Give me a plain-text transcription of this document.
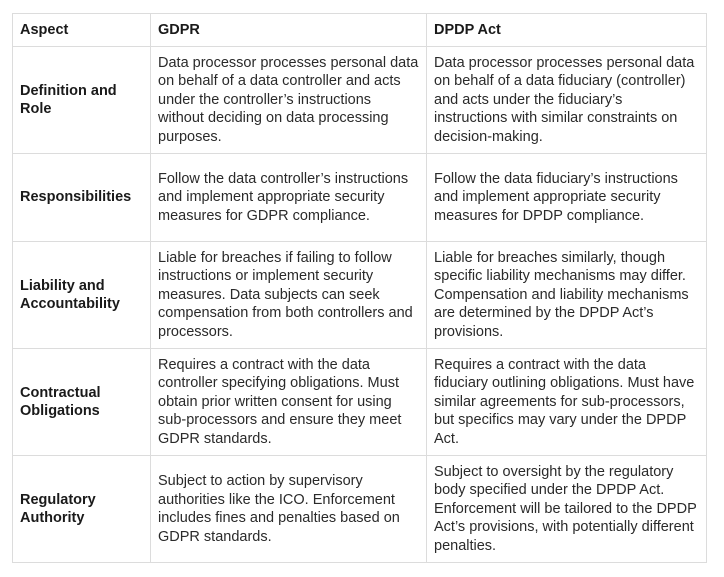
Aspect	GDPR	DPDP Act
Definition and Role	Data processor processes personal data on behalf of a data controller and acts under the controller’s instructions without deciding on data processing purposes.	Data processor processes personal data on behalf of a data fiduciary (controller) and acts under the fiduciary’s instructions with similar constraints on decision-making.
Responsibilities	Follow the data controller’s instructions and implement appropriate security measures for GDPR compliance.	Follow the data fiduciary’s instructions and implement appropriate security measures for DPDP compliance.
Liability and Accountability	Liable for breaches if failing to follow instructions or implement security measures. Data subjects can seek compensation from both controllers and processors.	Liable for breaches similarly, though specific liability mechanisms may differ. Compensation and liability mechanisms are determined by the DPDP Act’s provisions.
Contractual Obligations	Requires a contract with the data controller specifying obligations. Must obtain prior written consent for using sub-processors and ensure they meet GDPR standards.	Requires a contract with the data fiduciary outlining obligations. Must have similar agreements for sub-processors, but specifics may vary under the DPDP Act.
Regulatory Authority	Subject to action by supervisory authorities like the ICO. Enforcement includes fines and penalties based on GDPR standards.	Subject to oversight by the regulatory body specified under the DPDP Act. Enforcement will be tailored to the DPDP Act’s provisions, with potentially different penalties.
